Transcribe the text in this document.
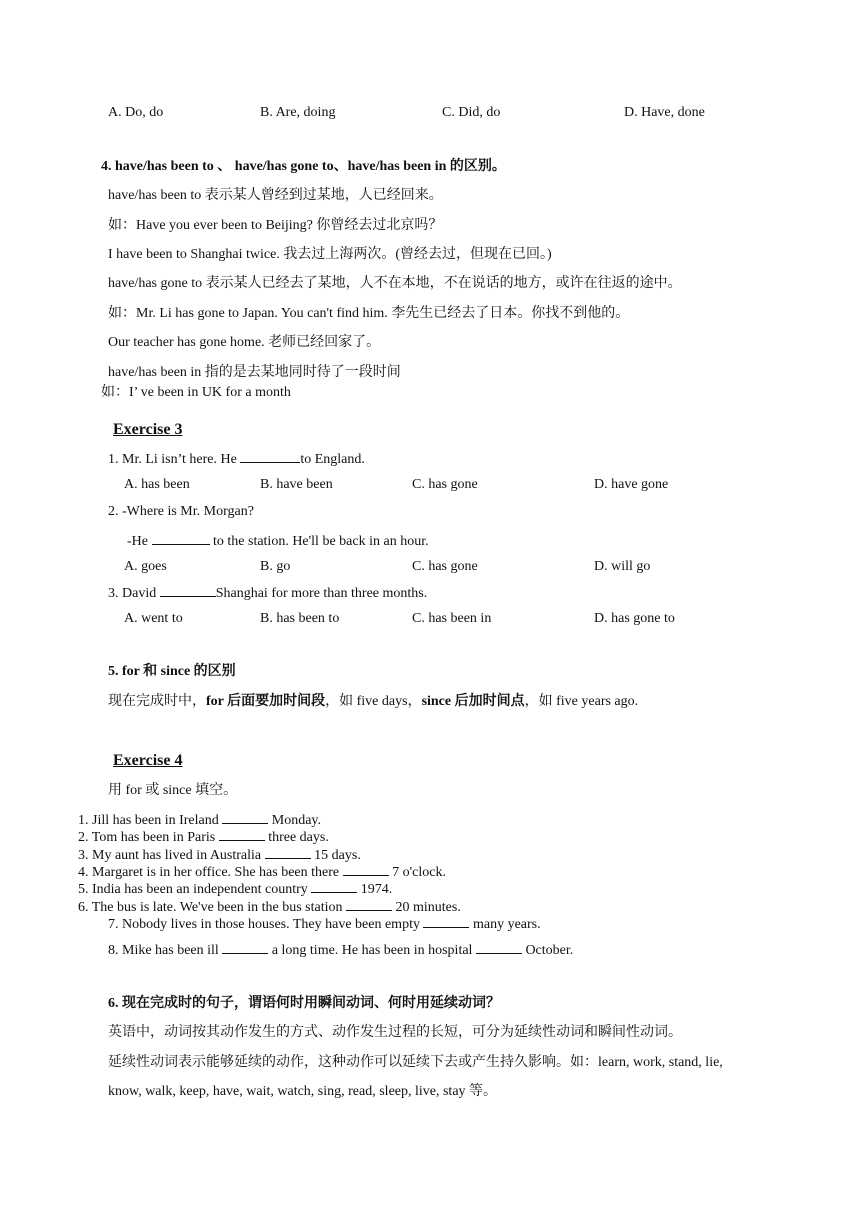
A. Do, do	B. Are, doing	C. Did, do	D. Have, done
4. have/has been to 、 have/has gone to、have/has been in 的区别。
have/has been to 表示某人曾经到过某地，人已经回来。
如：Have you ever been to Beijing? 你曾经去过北京吗？
I have been to Shanghai twice. 我去过上海两次。(曾经去过，但现在已回。)
have/has gone to 表示某人已经去了某地，人不在本地，不在说话的地方，或许在往返的途中。
如：Mr. Li has gone to Japan. You can't find him. 李先生已经去了日本。你找不到他的。
Our teacher has gone home. 老师已经回家了。
have/has been in 指的是去某地同时待了一段时间
如：I’ ve been in UK for a month
Exercise 3
1. Mr. Li isn’t here. He	to England.
A. has been	B. have been	C. has gone	D. have gone
2. -Where is Mr. Morgan?
-He	to the station. He'll be back in an hour.
A. goes	B. go	C. has gone	D. will go
3. David	Shanghai for more than three months.
A. went to	B. has been to	C. has been in	D. has gone to
5. for 和 since 的区别
现在完成时中，for 后面要加时间段，如 five days，since 后加时间点，如 five years ago.
Exercise 4
用 for 或 since 填空。
1. Jill has been in Ireland	Monday.
2. Tom has been in Paris	three days.
3. My aunt has lived in Australia	15 days.
4. Margaret is in her office. She has been there	7 o'clock.
5. India has been an independent country	1974.
6. The bus is late. We've been in the bus station	20 minutes.
7. Nobody lives in those houses. They have been empty	many years.
8. Mike has been ill	a long time. He has been in hospital	October.
6. 现在完成时的句子，谓语何时用瞬间动词、何时用延续动词？
英语中，动词按其动作发生的方式、动作发生过程的长短，可分为延续性动词和瞬间性动词。
延续性动词表示能够延续的动作，这种动作可以延续下去或产生持久影响。如：learn, work, stand, lie,
know, walk, keep, have, wait, watch, sing, read, sleep, live, stay 等。
